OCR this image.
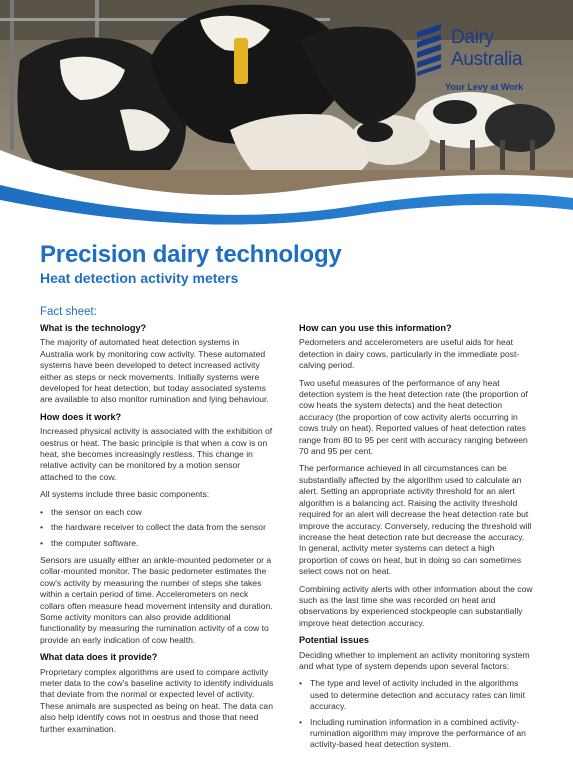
Dairy
Australia
Your Levy at Work
Precision dairy technology
Heat detection activity meters
Fact sheet:
What is the technology?

The majority of automated heat detection systems in Australia work by monitoring cow activity. These automated systems have been developed to detect increased activity either as steps or neck movements. Initially systems were developed for heat detection, but today associated systems are available to also monitor rumination and lying behaviour.

How does it work?

Increased physical activity is associated with the exhibition of oestrus or heat. The basic principle is that when a cow is on heat, she becomes increasingly restless. This change in relative activity can be monitored by a motion sensor attached to the cow.

All systems include three basic components:

• the sensor on each cow
• the hardware receiver to collect the data from the sensor
• the computer software.

Sensors are usually either an ankle-mounted pedometer or a collar-mounted monitor. The basic pedometer estimates the cow's activity by measuring the number of steps she takes within a certain period of time. Accelerometers on neck collars often measure head movement intensity and duration. Some activity monitors can also provide additional functionality by measuring the rumination activity of a cow to provide an early indication of cow health.

What data does it provide?

Proprietary complex algorithms are used to compare activity meter data to the cow's baseline activity to identify individuals that deviate from the normal or expected level of activity. These animals are suspected as being on heat. The data can also help identify cows not in oestrus and those that need further examination.

How can you use this information?

Pedometers and accelerometers are useful aids for heat detection in dairy cows, particularly in the immediate post-calving period.

Two useful measures of the performance of any heat detection system is the heat detection rate (the proportion of cow heats the system detects) and the heat detection accuracy (the proportion of cow activity alerts occurring in cows truly on heat). Reported values of heat detection rates range from 80 to 95 per cent with accuracy ranging between 70 and 95 per cent.

The performance achieved in all circumstances can be substantially affected by the algorithm used to calculate an alert. Setting an appropriate activity threshold for an alert algorithm is a balancing act. Raising the activity threshold required for an alert will decrease the heat detection rate but improve the accuracy. Conversely, reducing the threshold will increase the heat detection rate but decrease the accuracy. In general, activity meter systems can detect a high proportion of cows on heat, but in doing so can sometimes select cows not on heat.

Combining activity alerts with other information about the cow such as the last time she was recorded on heat and observations by experienced stockpeople can substantially improve heat detection accuracy.

Potential issues

Deciding whether to implement an activity monitoring system and what type of system depends upon several factors:

• The type and level of activity included in the algorithms used to determine detection and accuracy rates can limit accuracy.
• Including rumination information in a combined activity-rumination algorithm may improve the performance of an activity-based heat detection system.
